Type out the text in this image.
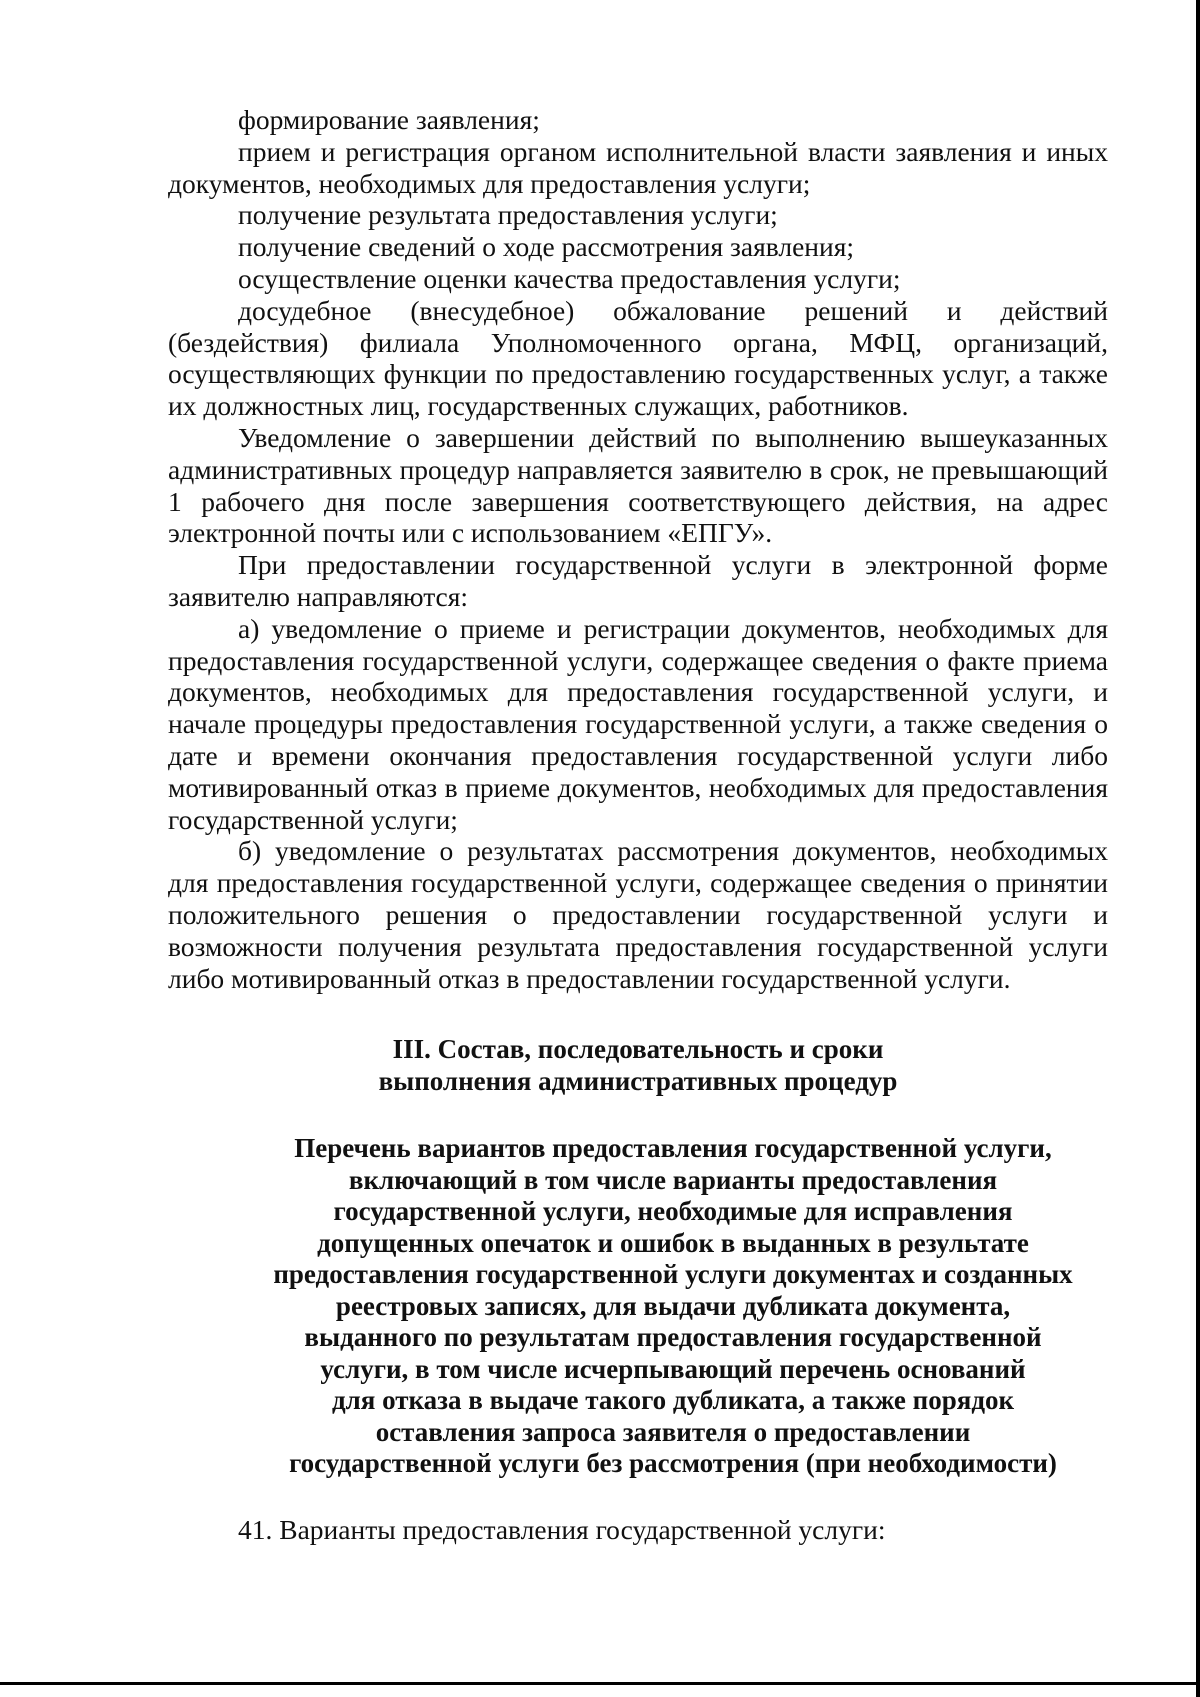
формирование заявления;

прием и регистрация органом исполнительной власти заявления и иных документов, необходимых для предоставления услуги;

получение результата предоставления услуги;

получение сведений о ходе рассмотрения заявления;

осуществление оценки качества предоставления услуги;

досудебное (внесудебное) обжалование решений и действий (бездействия) филиала Уполномоченного органа, МФЦ, организаций, осуществляющих функции по предоставлению государственных услуг, а также их должностных лиц, государственных служащих, работников.

Уведомление о завершении действий по выполнению вышеуказанных административных процедур направляется заявителю в срок, не превышающий 1 рабочего дня после завершения соответствующего действия, на адрес электронной почты или с использованием «ЕПГУ».

При предоставлении государственной услуги в электронной форме заявителю направляются:

а) уведомление о приеме и регистрации документов, необходимых для предоставления государственной услуги, содержащее сведения о факте приема документов, необходимых для предоставления государственной услуги, и начале процедуры предоставления государственной услуги, а также сведения о дате и времени окончания предоставления государственной услуги либо мотивированный отказ в приеме документов, необходимых для предоставления государственной услуги;

б) уведомление о результатах рассмотрения документов, необходимых для предоставления государственной услуги, содержащее сведения о принятии положительного решения о предоставлении государственной услуги и возможности получения результата предоставления государственной услуги либо мотивированный отказ в предоставлении государственной услуги.

III. Состав, последовательность и сроки
выполнения административных процедур
Перечень вариантов предоставления государственной услуги,
включающий в том числе варианты предоставления
государственной услуги, необходимые для исправления
допущенных опечаток и ошибок в выданных в результате
предоставления государственной услуги документах и созданных
реестровых записях, для выдачи дубликата документа,
выданного по результатам предоставления государственной
услуги, в том числе исчерпывающий перечень оснований
для отказа в выдаче такого дубликата, а также порядок
оставления запроса заявителя о предоставлении
государственной услуги без рассмотрения (при необходимости)

41. Варианты предоставления государственной услуги:
